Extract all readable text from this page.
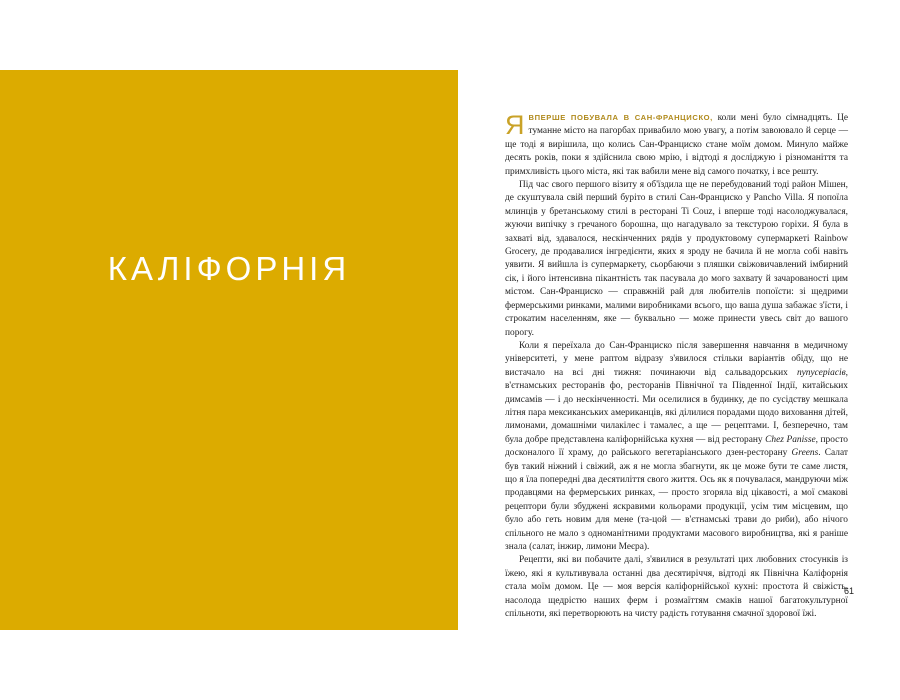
КАЛІФОРНІЯ

ЯВПЕРШЕ ПОБУВАЛА В САН-ФРАНЦИСКО, коли мені було сімнадцять. Це туманне місто на пагорбах привабило мою увагу, а потім завоювало й серце — ще тоді я вирішила, що колись Сан-Франциско стане моїм домом. Минуло майже десять років, поки я здійснила свою мрію, і відтоді я досліджую і різноманіття та примхливість цього міста, які так вабили мене від самого початку, і все решту.

Під час свого першого візиту я об'їздила ще не перебудований тоді район Мішен, де скуштувала свій перший буріто в стилі Сан-Франциско у Pancho Villa. Я попоїла млинців у бретанському стилі в ресторані Ti Couz, і вперше тоді насолоджувалася, жуючи випічку з гречаного борошна, що нагадувало за текстурою горіхи. Я була в захваті від, здавалося, нескінченних рядів у продуктовому супермаркеті Rainbow Grocery, де продавалися інгредієнти, яких я зроду не бачила й не могла собі навіть уявити. Я вийшла із супермаркету, сьорбаючи з пляшки свіжовичавлений імбирний сік, і його інтенсивна пікантність так пасувала до мого захвату й зачарованості цим містом. Сан-Франциско — справжній рай для любителів попоїсти: зі щедрими фермерськими ринками, малими виробниками всього, що ваша душа забажає з'їсти, і строкатим населенням, яке — буквально — може принести увесь світ до вашого порогу.

Коли я переїхала до Сан-Франциско після завершення навчання в медичному університеті, у мене раптом відразу з'явилося стільки варіантів обіду, що не вистачало на всі дні тижня: починаючи від сальвадорських пупусеріасів, в'єтнамських ресторанів фо, ресторанів Північної та Південної Індії, китайських димсамів — і до нескінченності. Ми оселилися в будинку, де по сусідству мешкала літня пара мексиканських американців, які ділилися порадами щодо виховання дітей, лимонами, домашніми чилакілес і тамалес, а ще — рецептами. І, безперечно, там була добре представлена каліфорнійська кухня — від ресторану Chez Panisse, просто досконалого її храму, до райського вегетаріанського дзен-ресторану Greens. Салат був такий ніжний і свіжий, аж я не могла збагнути, як це може бути те саме листя, що я їла попередні два десятиліття свого життя. Ось як я почувалася, мандруючи між продавцями на фермерських ринках, — просто згоряла від цікавості, а мої смакові рецептори були збуджені яскравими кольорами продукції, усім тим місцевим, що було або геть новим для мене (та-цой — в'єтнамські трави до риби), або нічого спільного не мало з одноманітними продуктами масового виробництва, які я раніше знала (салат, інжир, лимони Меєра).

Рецепти, які ви побачите далі, з'явилися в результаті цих любовних стосунків із їжею, які я культивувала останні два десятиріччя, відтоді як Північна Каліфорнія стала моїм домом. Це — моя версія каліфорнійської кухні: простота й свіжість, насолода щедрістю наших ферм і розмаїттям смаків нашої багатокультурної спільноти, які перетворюють на чисту радість готування смачної здорової їжі.

61
